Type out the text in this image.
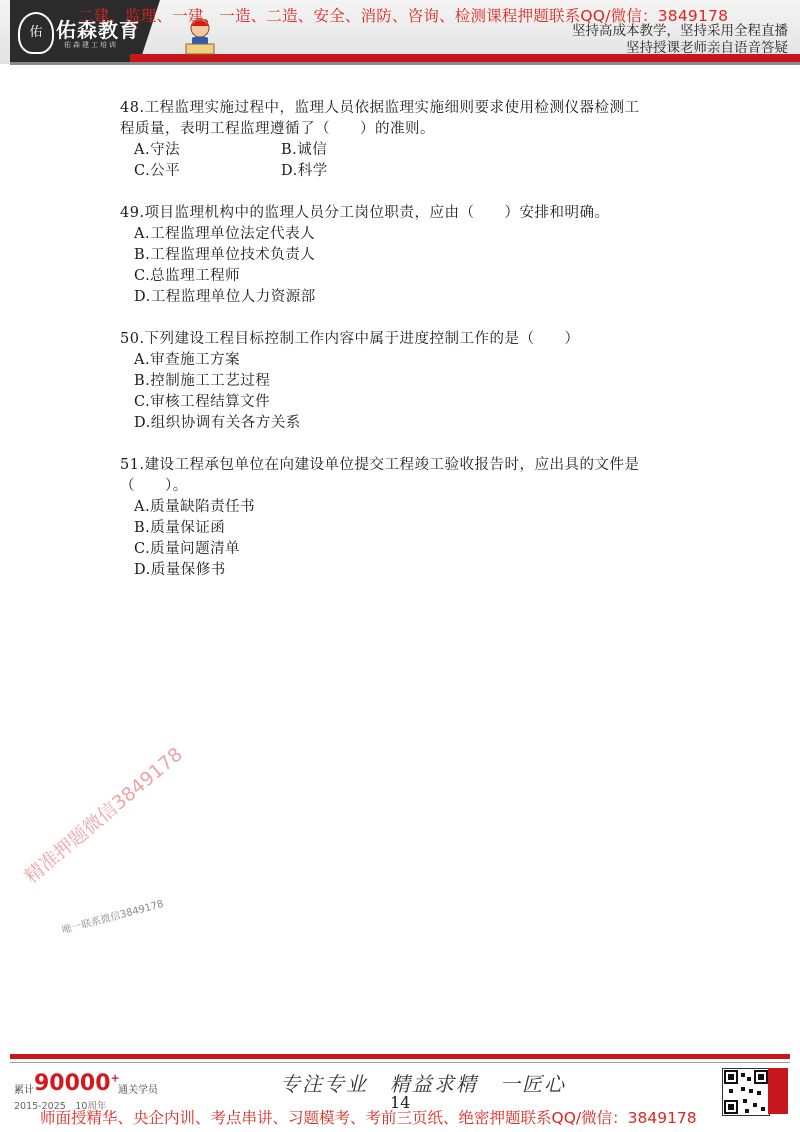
佑 佑森教育
佑森建工培训
二建、监理、一建、一造、二造、安全、消防、咨询、检测课程押题联系QQ/微信：3849178
坚持高成本教学，坚持采用全程直播
坚持授课老师亲自语音答疑
48.工程监理实施过程中，监理人员依据监理实施细则要求使用检测仪器检测工
程质量，表明工程监理遵循了（　　）的准则。
A.守法	B.诚信
C.公平	D.科学
49.项目监理机构中的监理人员分工岗位职责，应由（　　）安排和明确。
A.工程监理单位法定代表人
B.工程监理单位技术负责人
C.总监理工程师
D.工程监理单位人力资源部
50.下列建设工程目标控制工作内容中属于进度控制工作的是（　　）
A.审查施工方案
B.控制施工工艺过程
C.审核工程结算文件
D.组织协调有关各方关系
51.建设工程承包单位在向建设单位提交工程竣工验收报告时，应出具的文件是
（　　）。
A.质量缺陷责任书
B.质量保证函
C.质量问题清单
D.质量保修书
精准押题微信3849178
唯一联系微信3849178
累计 90000+
通关学员
2015-2025　10周年
专注专业　精益求精　一匠心
14
师面授精华、央企内训、考点串讲、习题模考、考前三页纸、绝密押题联系QQ/微信：3849178
